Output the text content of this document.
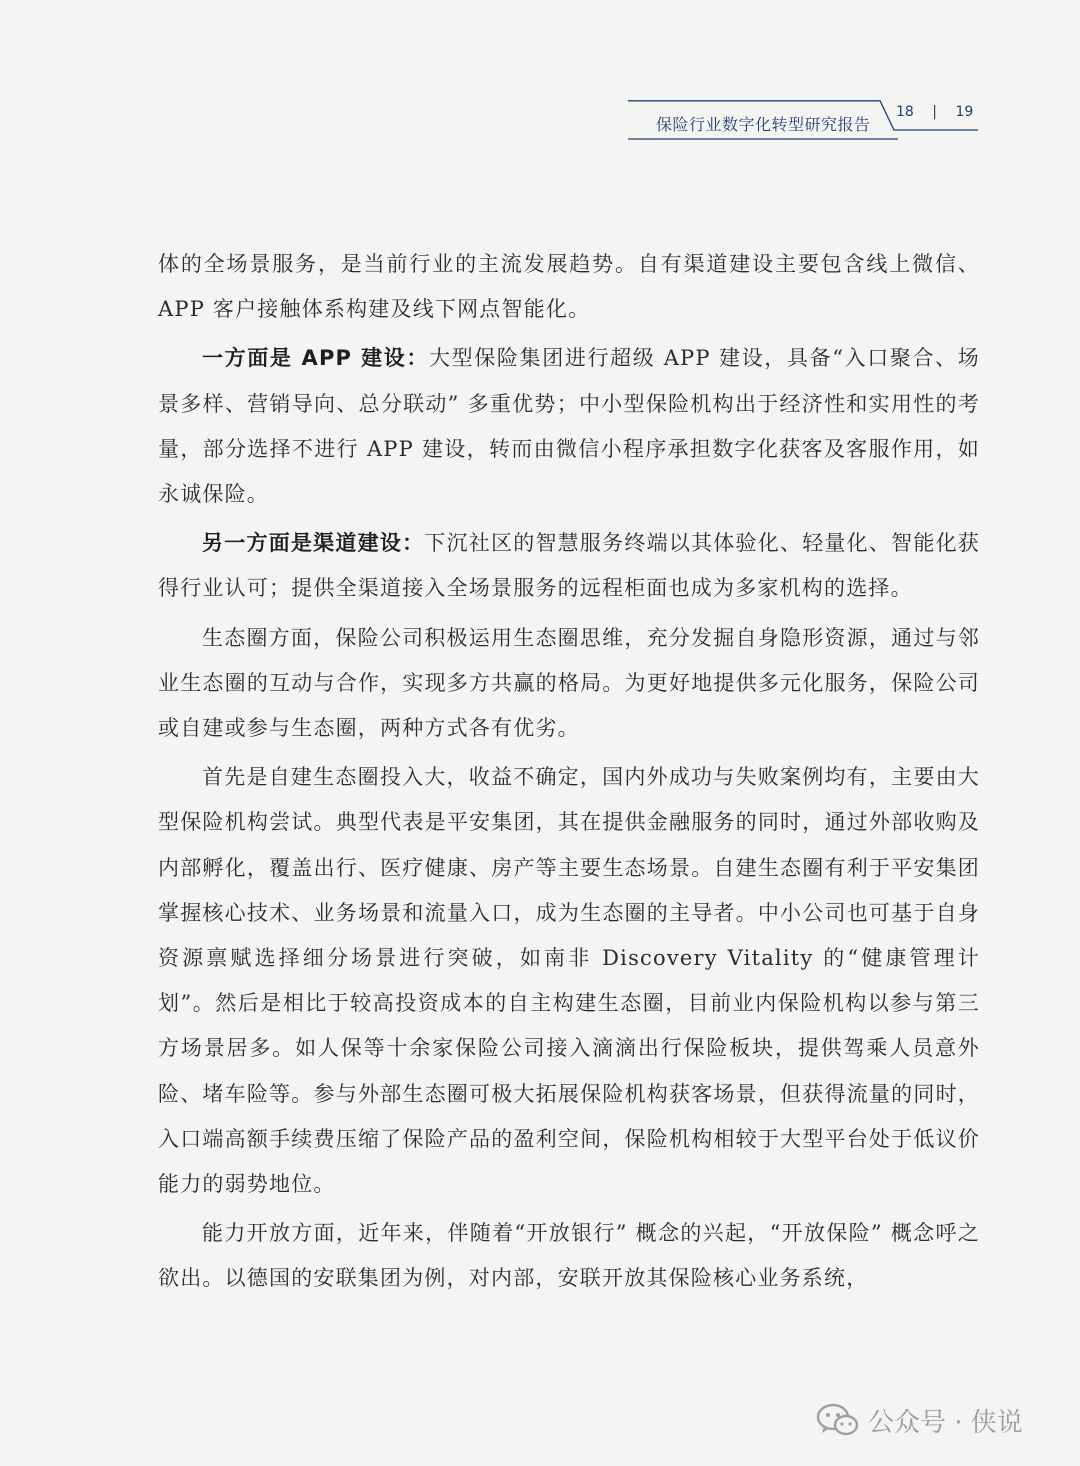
保险行业数字化转型研究报告
18 | 19

体的全场景服务，是当前行业的主流发展趋势。自有渠道建设主要包含线上微信、APP 客户接触体系构建及线下网点智能化。

一方面是 APP 建设：大型保险集团进行超级 APP 建设，具备“入口聚合、场景多样、营销导向、总分联动” 多重优势；中小型保险机构出于经济性和实用性的考量，部分选择不进行 APP 建设，转而由微信小程序承担数字化获客及客服作用，如永诚保险。

另一方面是渠道建设：下沉社区的智慧服务终端以其体验化、轻量化、智能化获得行业认可；提供全渠道接入全场景服务的远程柜面也成为多家机构的选择。

生态圈方面，保险公司积极运用生态圈思维，充分发掘自身隐形资源，通过与邻业生态圈的互动与合作，实现多方共赢的格局。为更好地提供多元化服务，保险公司或自建或参与生态圈，两种方式各有优劣。

首先是自建生态圈投入大，收益不确定，国内外成功与失败案例均有，主要由大型保险机构尝试。典型代表是平安集团，其在提供金融服务的同时，通过外部收购及内部孵化，覆盖出行、医疗健康、房产等主要生态场景。自建生态圈有利于平安集团掌握核心技术、业务场景和流量入口，成为生态圈的主导者。中小公司也可基于自身资源禀赋选择细分场景进行突破，如南非 Discovery Vitality 的“健康管理计划”。然后是相比于较高投资成本的自主构建生态圈，目前业内保险机构以参与第三方场景居多。如人保等十余家保险公司接入滴滴出行保险板块，提供驾乘人员意外险、堵车险等。参与外部生态圈可极大拓展保险机构获客场景，但获得流量的同时，入口端高额手续费压缩了保险产品的盈利空间，保险机构相较于大型平台处于低议价能力的弱势地位。

能力开放方面，近年来，伴随着“开放银行” 概念的兴起，“开放保险” 概念呼之欲出。以德国的安联集团为例，对内部，安联开放其保险核心业务系统，

公众号 · 侠说
